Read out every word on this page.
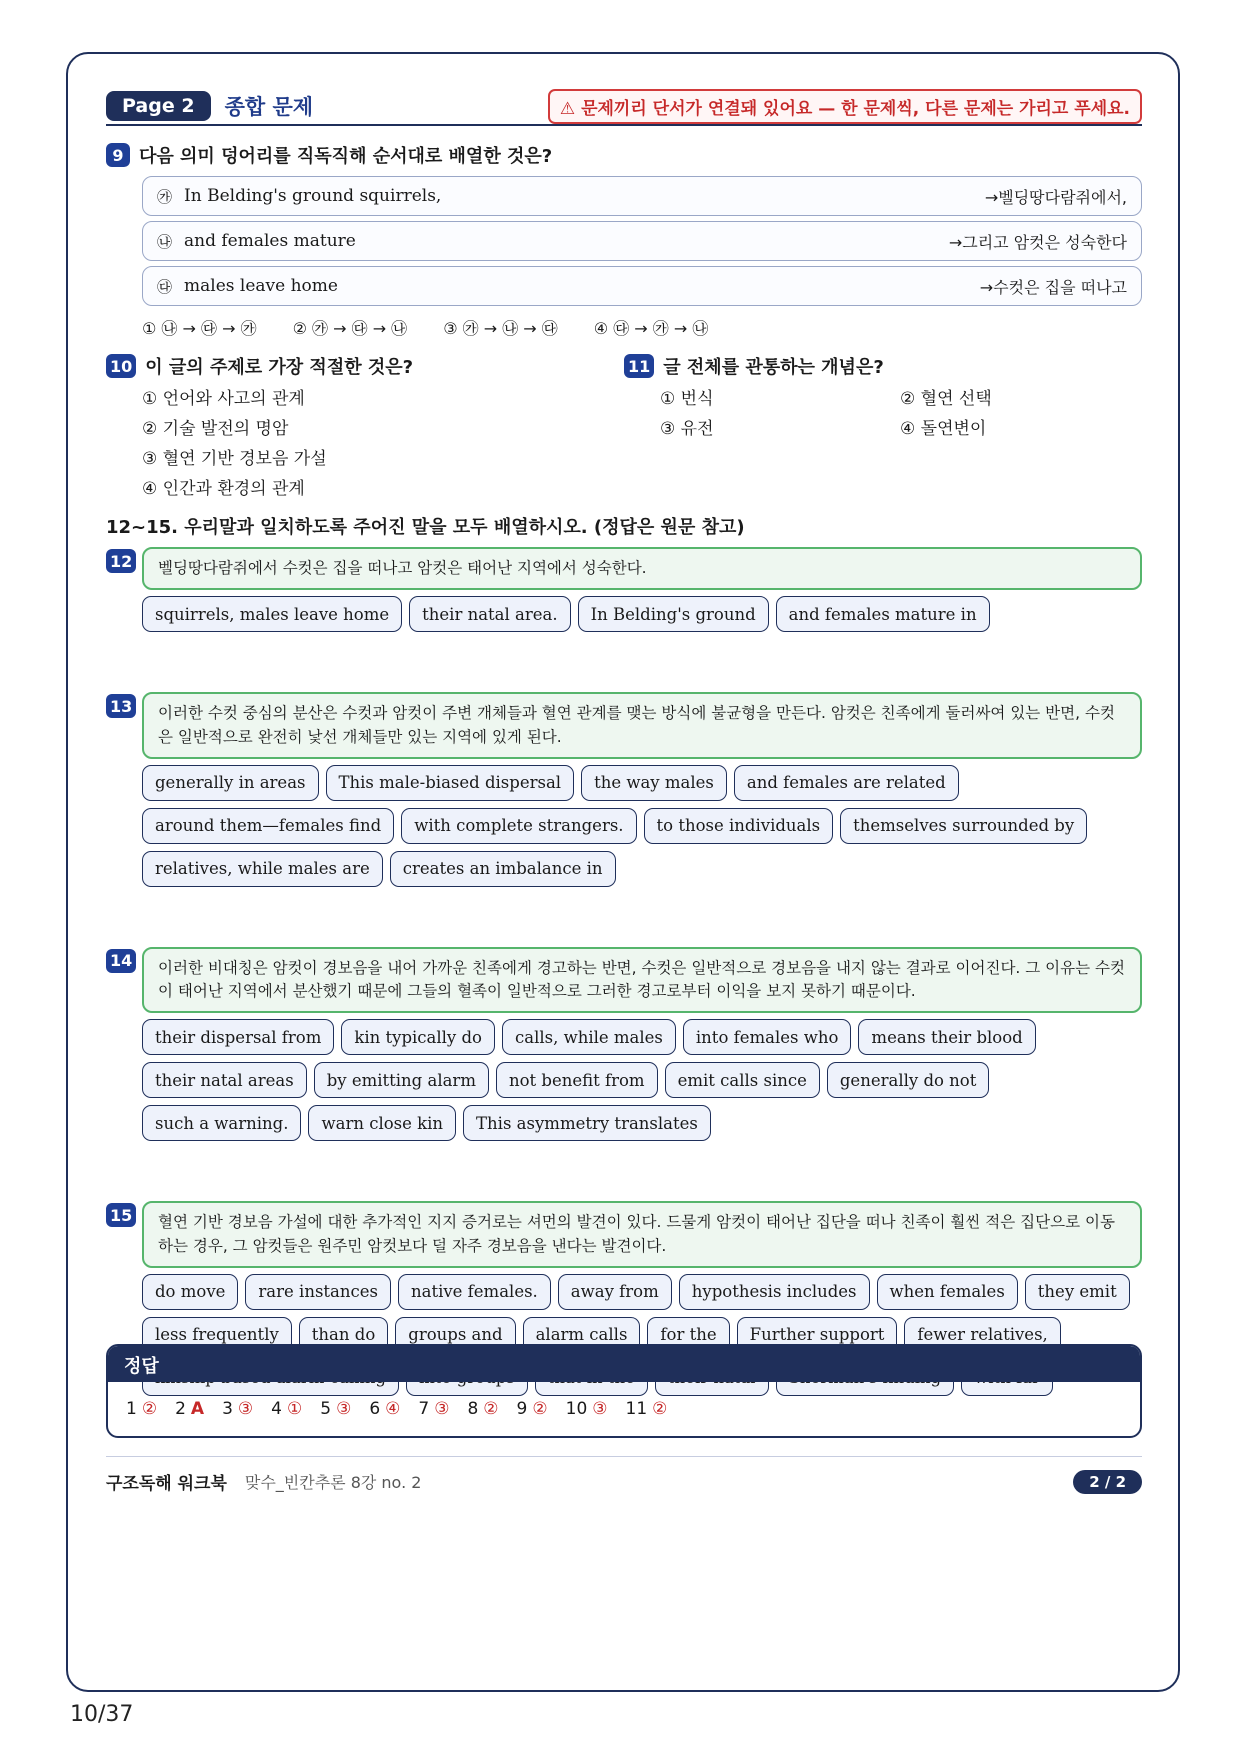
Page 2	종합 문제	⚠ 문제끼리 단서가 연결돼 있어요 — 한 문제씩, 다른 문제는 가리고 푸세요.
9 다음 의미 덩어리를 직독직해 순서대로 배열한 것은?
㉮ In Belding's ground squirrels,	→벨딩땅다람쥐에서,
㉯ and females mature	→그리고 암컷은 성숙한다
㉰ males leave home	→수컷은 집을 떠나고
① ㉯ → ㉰ → ㉮ ② ㉮ → ㉰ → ㉯ ③ ㉮ → ㉯ → ㉰ ④ ㉰ → ㉮ → ㉯
10 이 글의 주제로 가장 적절한 것은?
① 언어와 사고의 관계
② 기술 발전의 명암
③ 혈연 기반 경보음 가설
④ 인간과 환경의 관계
11 글 전체를 관통하는 개념은?
① 번식	② 혈연 선택
③ 유전	④ 돌연변이
12~15. 우리말과 일치하도록 주어진 말을 모두 배열하시오. (정답은 원문 참고)
12	벨딩땅다람쥐에서 수컷은 집을 떠나고 암컷은 태어난 지역에서 성숙한다.
squirrels, males leave home	their natal area.	In Belding's ground	and females mature in
13	이러한 수컷 중심의 분산은 수컷과 암컷이 주변 개체들과 혈연 관계를 맺는 방식에 불균형을 만든다. 암컷은 친족에게 둘러싸여 있는 반면, 수컷은 일반적으로 완전히 낯선 개체들만 있는 지역에 있게 된다.
generally in areas	This male-biased dispersal	the way males	and females are related
around them—females find	with complete strangers.	to those individuals	themselves surrounded by
relatives, while males are	creates an imbalance in
14	이러한 비대칭은 암컷이 경보음을 내어 가까운 친족에게 경고하는 반면, 수컷은 일반적으로 경보음을 내지 않는 결과로 이어진다. 그 이유는 수컷이 태어난 지역에서 분산했기 때문에 그들의 혈족이 일반적으로 그러한 경고로부터 이익을 보지 못하기 때문이다.
their dispersal from	kin typically do	calls, while males	into females who	means their blood
their natal areas	by emitting alarm	not benefit from	emit calls since	generally do not
such a warning.	warn close kin	This asymmetry translates
15	혈연 기반 경보음 가설에 대한 추가적인 지지 증거로는 셔먼의 발견이 있다. 드물게 암컷이 태어난 집단을 떠나 친족이 훨씬 적은 집단으로 이동하는 경우, 그 암컷들은 원주민 암컷보다 덜 자주 경보음을 낸다는 발견이다.
do move	rare instances	native females.	away from	hypothesis includes	when females	they emit
less frequently	than do	groups and	alarm calls	for the	Further support	fewer relatives,
정답
1 ② 2 A 3 ③ 4 ① 5 ③ 6 ④ 7 ③ 8 ② 9 ② 10 ③ 11 ②
구조독해 워크북 맞수_빈칸추론 8강 no. 2	2 / 2
10/37
